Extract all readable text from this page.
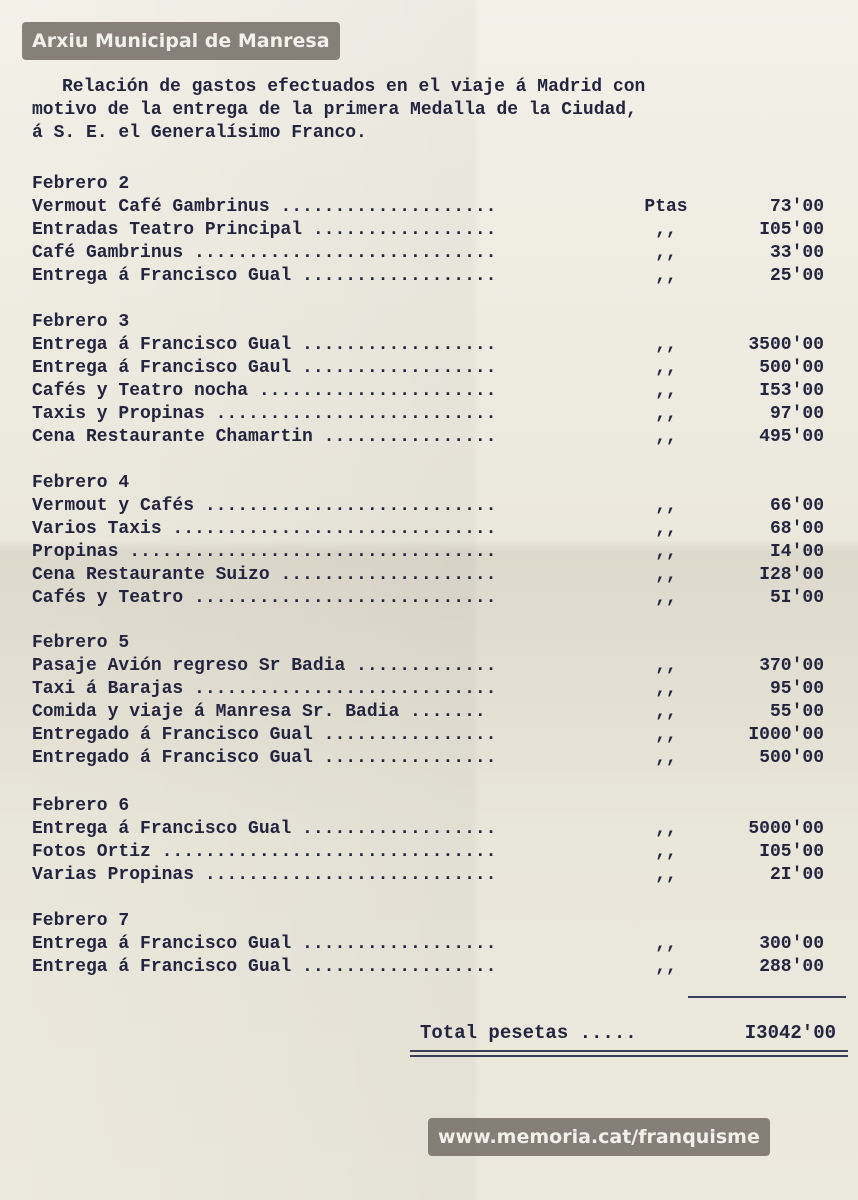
Relación de gastos efectuados en el viaje á Madrid con
motivo de la entrega de la primera Medalla de la Ciudad,
á S. E. el Generalísimo Franco.
Febrero 2
Vermout Café Gambrinus ....................	Ptas	73'00
Entradas Teatro Principal .................	,,	I05'00
Café Gambrinus ............................	,,	33'00
Entrega á Francisco Gual ..................	,,	25'00
Febrero 3
Entrega á Francisco Gual ..................	,,	3500'00
Entrega á Francisco Gaul ..................	,,	500'00
Cafés y Teatro nocha ......................	,,	I53'00
Taxis y Propinas ..........................	,,	97'00
Cena Restaurante Chamartin ................	,,	495'00
Febrero 4
Vermout y Cafés ...........................	,,	66'00
Varios Taxis ..............................	,,	68'00
Propinas ..................................	,,	I4'00
Cena Restaurante Suizo ....................	,,	I28'00
Cafés y Teatro ............................	,,	5I'00
Febrero 5
Pasaje Avión regreso Sr Badia .............	,,	370'00
Taxi á Barajas ............................	,,	95'00
Comida y viaje á Manresa Sr. Badia .......	,,	55'00
Entregado á Francisco Gual ................	,,	I000'00
Entregado á Francisco Gual ................	,,	500'00
Febrero 6
Entrega á Francisco Gual ..................	,,	5000'00
Fotos Ortiz ...............................	,,	I05'00
Varias Propinas ...........................	,,	2I'00
Febrero 7
Entrega á Francisco Gual ..................	,,	300'00
Entrega á Francisco Gual ..................	,,	288'00
Total pesetas .....	I3042'00
Arxiu Municipal de Manresa
www.memoria.cat/franquisme
